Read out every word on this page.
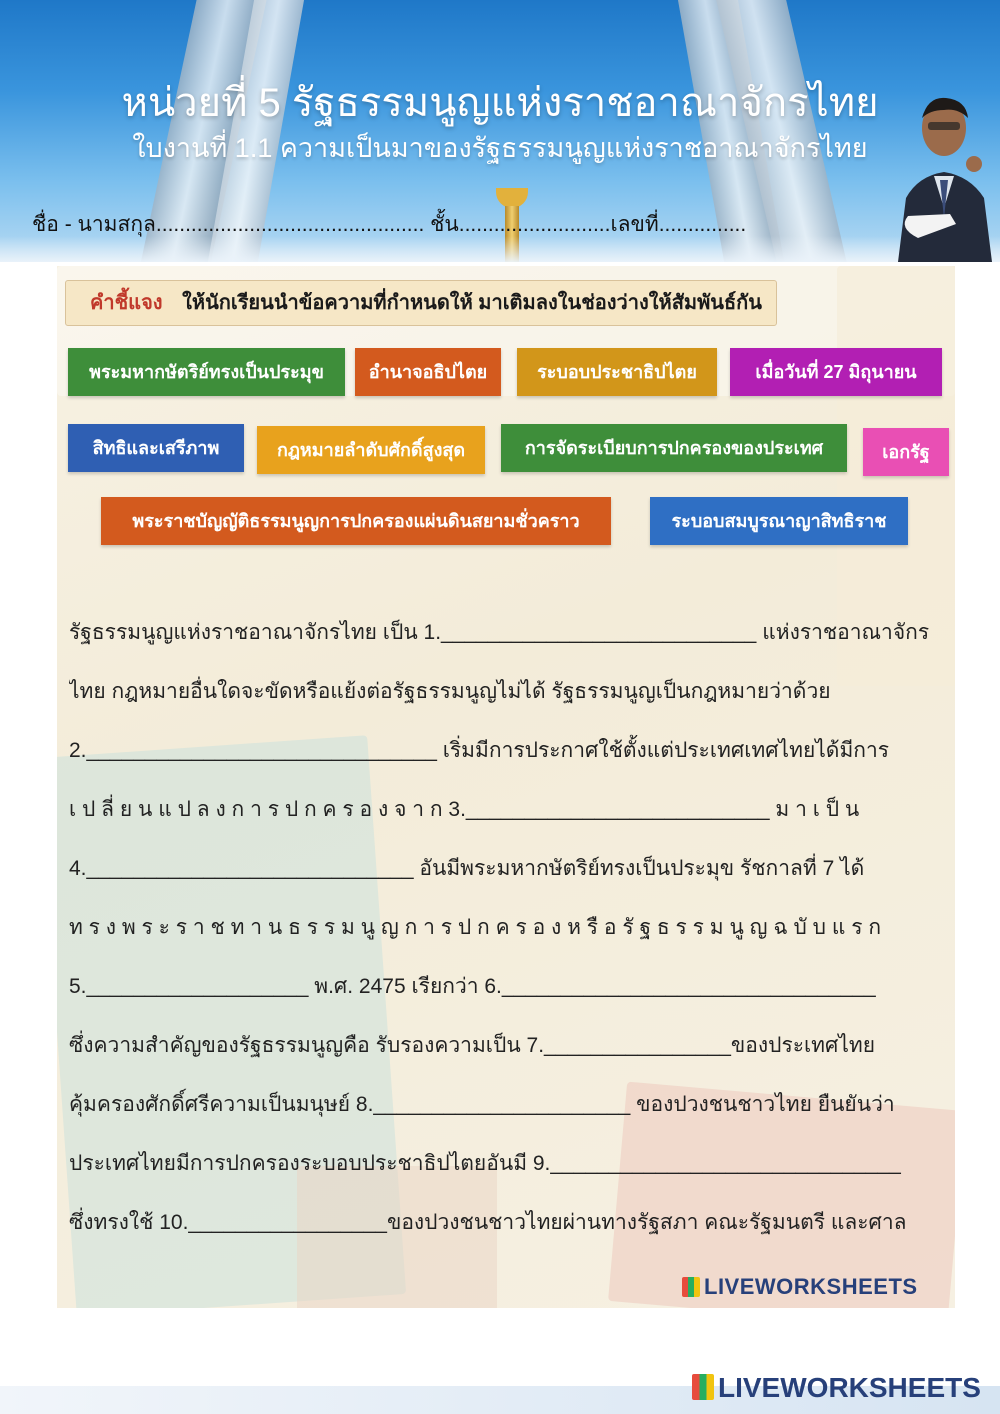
หน่วยที่ 5 รัฐธรรมนูญแห่งราชอาณาจักรไทย
ใบงานที่ 1.1 ความเป็นมาของรัฐธรรมนูญแห่งราชอาณาจักรไทย
ชื่อ - นามสกุล.............................................. ชั้น..........................เลขที่...............
คำชี้แจง ให้นักเรียนนำข้อความที่กำหนดให้ มาเติมลงในช่องว่างให้สัมพันธ์กัน
พระมหากษัตริย์ทรงเป็นประมุข	อำนาจอธิปไตย	ระบอบประชาธิปไตย	เมื่อวันที่ 27 มิถุนายน
สิทธิและเสรีภาพ	กฎหมายลำดับศักดิ์สูงสุด	การจัดระเบียบการปกครองของประเทศ	เอกรัฐ
พระราชบัญญัติธรรมนูญการปกครองแผ่นดินสยามชั่วคราว	ระบอบสมบูรณาญาสิทธิราช
รัฐธรรมนูญแห่งราชอาณาจักรไทย เป็น 1.___________________________ แห่งราชอาณาจักร
ไทย กฎหมายอื่นใดจะขัดหรือแย้งต่อรัฐธรรมนูญไม่ได้ รัฐธรรมนูญเป็นกฎหมายว่าด้วย
2.______________________________ เริ่มมีการประกาศใช้ตั้งแต่ประเทศเทศไทยได้มีการ
เ ป ลี่ ย น แ ป ล ง ก า ร ป ก ค ร อ ง จ า ก 3.__________________________ ม า เ ป็ น
4.____________________________ อันมีพระมหากษัตริย์ทรงเป็นประมุข รัชกาลที่ 7 ได้
ท ร ง พ ร ะ ร า ช ท า น ธ ร ร ม นู ญ ก า ร ป ก ค ร อ ง ห รื อ รั ฐ ธ ร ร ม นู ญ ฉ บั บ แ ร ก
5.___________________ พ.ศ. 2475 เรียกว่า 6.________________________________
ซึ่งความสำคัญของรัฐธรรมนูญคือ รับรองความเป็น 7.________________ของประเทศไทย
คุ้มครองศักดิ์ศรีความเป็นมนุษย์ 8.______________________ ของปวงชนชาวไทย ยืนยันว่า
ประเทศไทยมีการปกครองระบอบประชาธิปไตยอันมี 9.______________________________
ซึ่งทรงใช้ 10._________________ของปวงชนชาวไทยผ่านทางรัฐสภา คณะรัฐมนตรี และศาล
LIVEWORKSHEETS
LIVEWORKSHEETS
